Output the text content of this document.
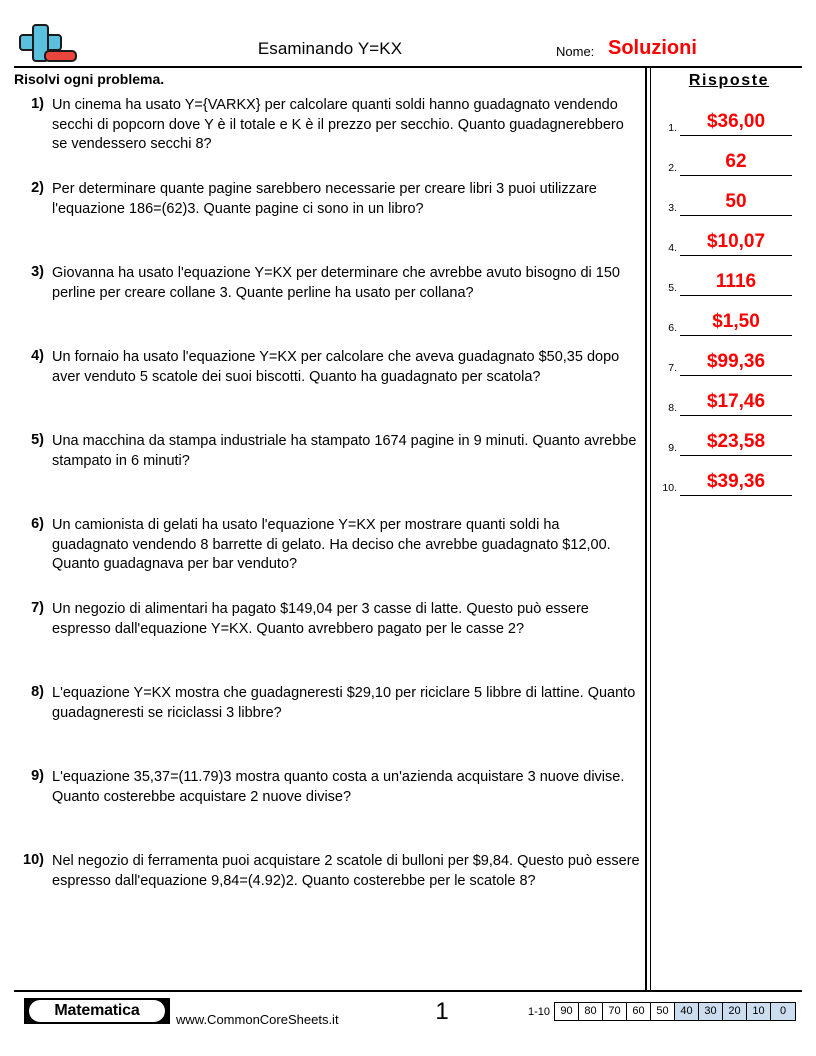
Esaminando Y=KX	Nome: Soluzioni
Risolvi ogni problema.
1) Un cinema ha usato Y={VARKX} per calcolare quanti soldi hanno guadagnato vendendo secchi di popcorn dove Y è il totale e K è il prezzo per secchio. Quanto guadagnerebbero se vendessero secchi 8?
2) Per determinare quante pagine sarebbero necessarie per creare libri 3 puoi utilizzare l'equazione 186=(62)3. Quante pagine ci sono in un libro?
3) Giovanna ha usato l'equazione Y=KX per determinare che avrebbe avuto bisogno di 150 perline per creare collane 3. Quante perline ha usato per collana?
4) Un fornaio ha usato l'equazione Y=KX per calcolare che aveva guadagnato $50,35 dopo aver venduto 5 scatole dei suoi biscotti. Quanto ha guadagnato per scatola?
5) Una macchina da stampa industriale ha stampato 1674 pagine in 9 minuti. Quanto avrebbe stampato in 6 minuti?
6) Un camionista di gelati ha usato l'equazione Y=KX per mostrare quanti soldi ha guadagnato vendendo 8 barrette di gelato. Ha deciso che avrebbe guadagnato $12,00. Quanto guadagnava per bar venduto?
7) Un negozio di alimentari ha pagato $149,04 per 3 casse di latte. Questo può essere espresso dall'equazione Y=KX. Quanto avrebbero pagato per le casse 2?
8) L'equazione Y=KX mostra che guadagneresti $29,10 per riciclare 5 libbre di lattine. Quanto guadagneresti se riciclassi 3 libbre?
9) L'equazione 35,37=(11.79)3 mostra quanto costa a un'azienda acquistare 3 nuove divise. Quanto costerebbe acquistare 2 nuove divise?
10) Nel negozio di ferramenta puoi acquistare 2 scatole di bulloni per $9,84. Questo può essere espresso dall'equazione 9,84=(4.92)2. Quanto costerebbe per le scatole 8?
Risposte
1.	$36,00
2.	62
3.	50
4.	$10,07
5.	1116
6.	$1,50
7.	$99,36
8.	$17,46
9.	$23,58
10.	$39,36
Matematica
www.CommonCoreSheets.it	1	1-10 90	80	70	60	50	40	30	20	10	0
